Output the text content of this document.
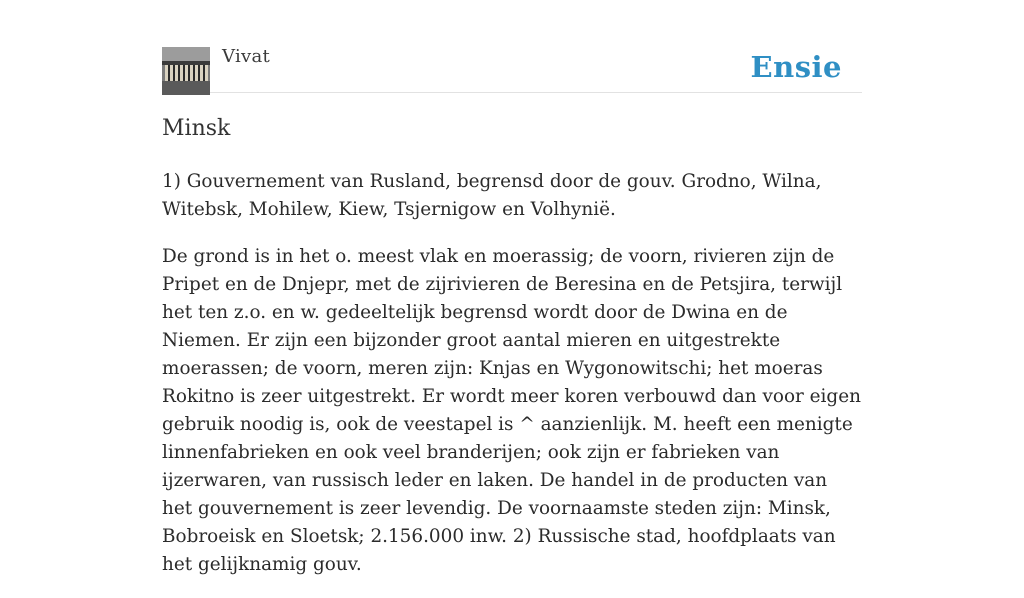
Vivat	Ensie
Minsk

1) Gouvernement van Rusland, begrensd door de gouv. Grodno, Wilna, Witebsk, Mohilew, Kiew, Tsjernigow en Volhynië.

De grond is in het o. meest vlak en moerassig; de voorn, rivieren zijn de Pripet en de Dnjepr, met de zijrivieren de Beresina en de Petsjira, terwijl het ten z.o. en w. gedeeltelijk begrensd wordt door de Dwina en de Niemen. Er zijn een bijzonder groot aantal mieren en uitgestrekte moerassen; de voorn, meren zijn: Knjas en Wygonowitschi; het moeras Rokitno is zeer uitgestrekt. Er wordt meer koren verbouwd dan voor eigen gebruik noodig is, ook de veestapel is ^ aanzienlijk. M. heeft een menigte linnenfabrieken en ook veel branderijen; ook zijn er fabrieken van ijzerwaren, van russisch leder en laken. De handel in de producten van het gouvernement is zeer levendig. De voornaamste steden zijn: Minsk, Bobroeisk en Sloetsk; 2.156.000 inw. 2) Russische stad, hoofdplaats van het gelijknamig gouv.
